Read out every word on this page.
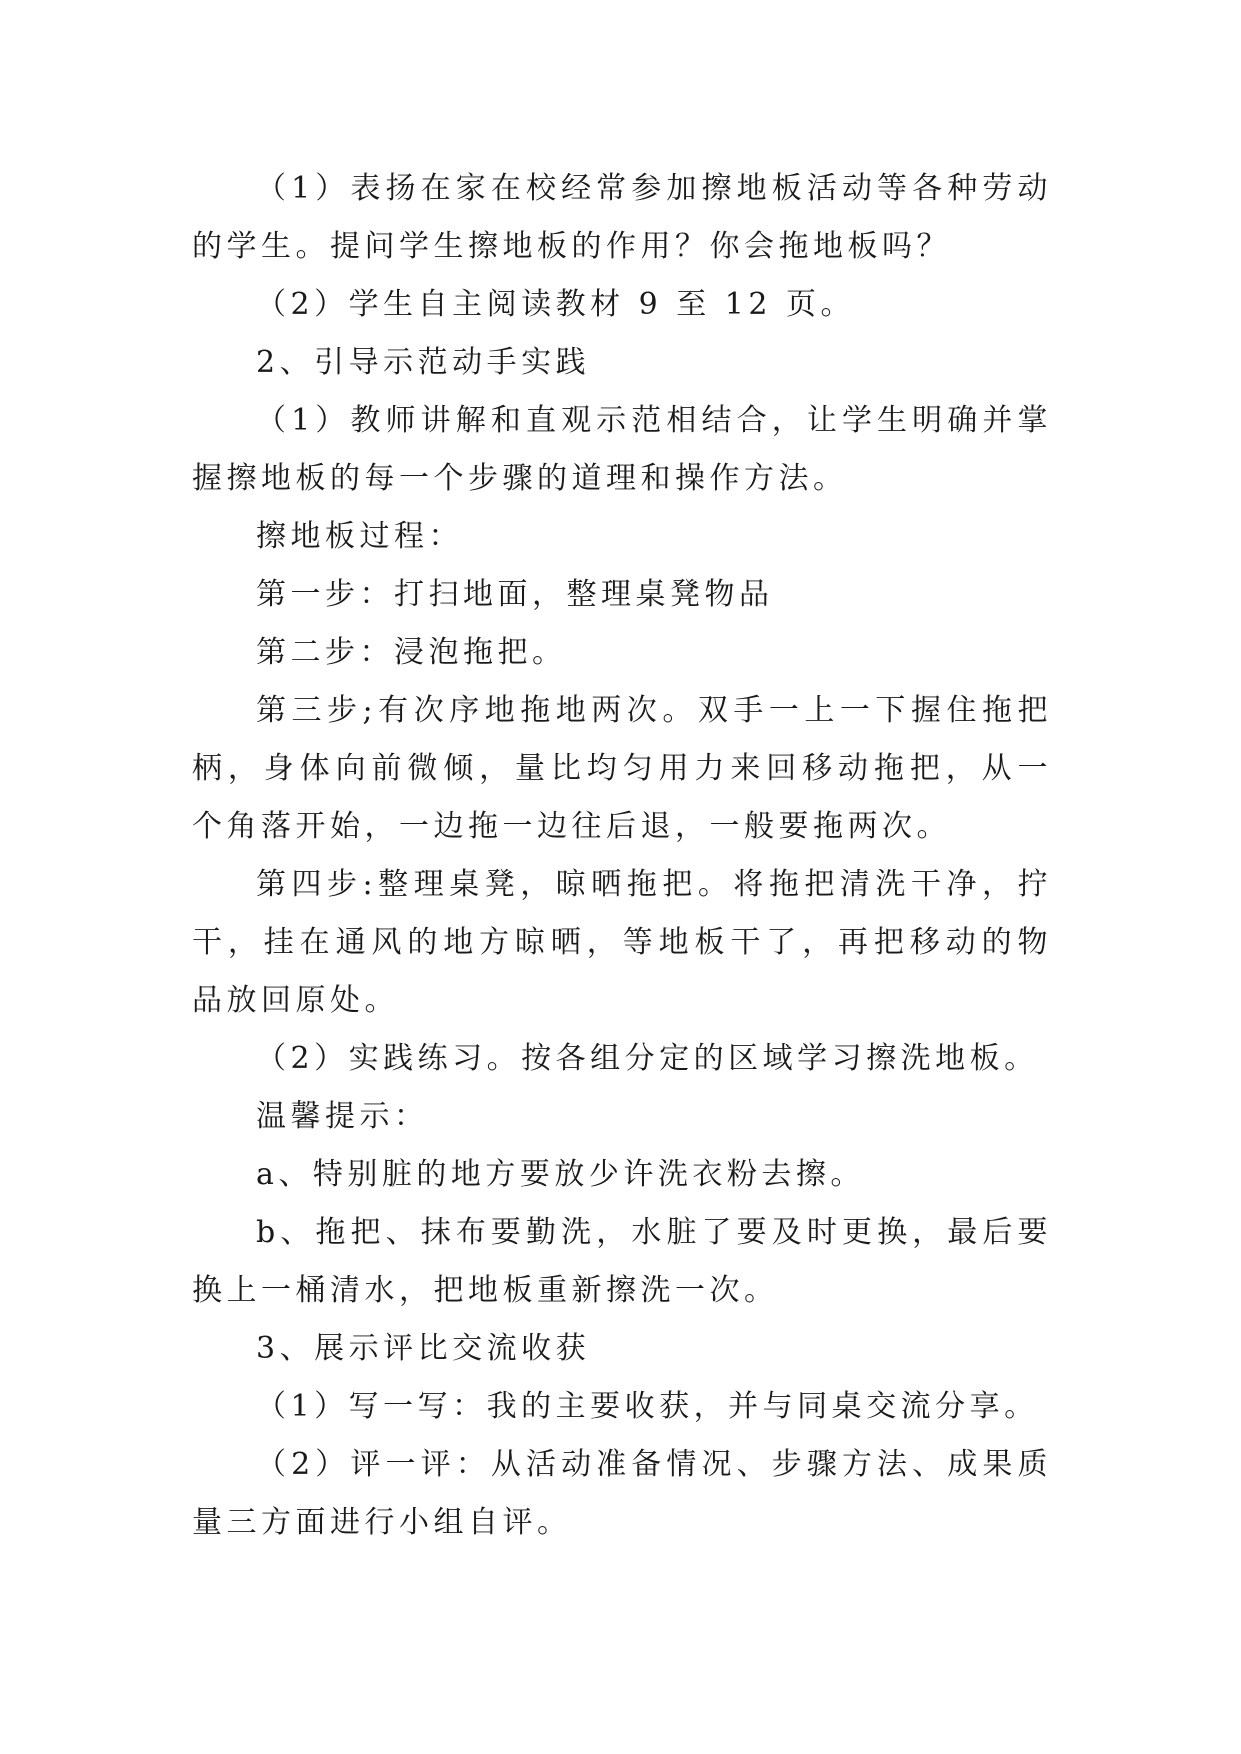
（1）表扬在家在校经常参加擦地板活动等各种劳动的学生。提问学生擦地板的作用？你会拖地板吗？

（2）学生自主阅读教材 9 至 12 页。

2、引导示范动手实践

（1）教师讲解和直观示范相结合，让学生明确并掌握擦地板的每一个步骤的道理和操作方法。

擦地板过程：

第一步：打扫地面，整理桌凳物品

第二步：浸泡拖把。

第三步;有次序地拖地两次。双手一上一下握住拖把柄，身体向前微倾，量比均匀用力来回移动拖把，从一个角落开始，一边拖一边往后退，一般要拖两次。

第四步:整理桌凳，晾晒拖把。将拖把清洗干净，拧干，挂在通风的地方晾晒，等地板干了，再把移动的物品放回原处。

（2）实践练习。按各组分定的区域学习擦洗地板。

温馨提示：

a、特别脏的地方要放少许洗衣粉去擦。

b、拖把、抹布要勤洗，水脏了要及时更换，最后要换上一桶清水，把地板重新擦洗一次。

3、展示评比交流收获

（1）写一写：我的主要收获，并与同桌交流分享。

（2）评一评：从活动准备情况、步骤方法、成果质量三方面进行小组自评。
